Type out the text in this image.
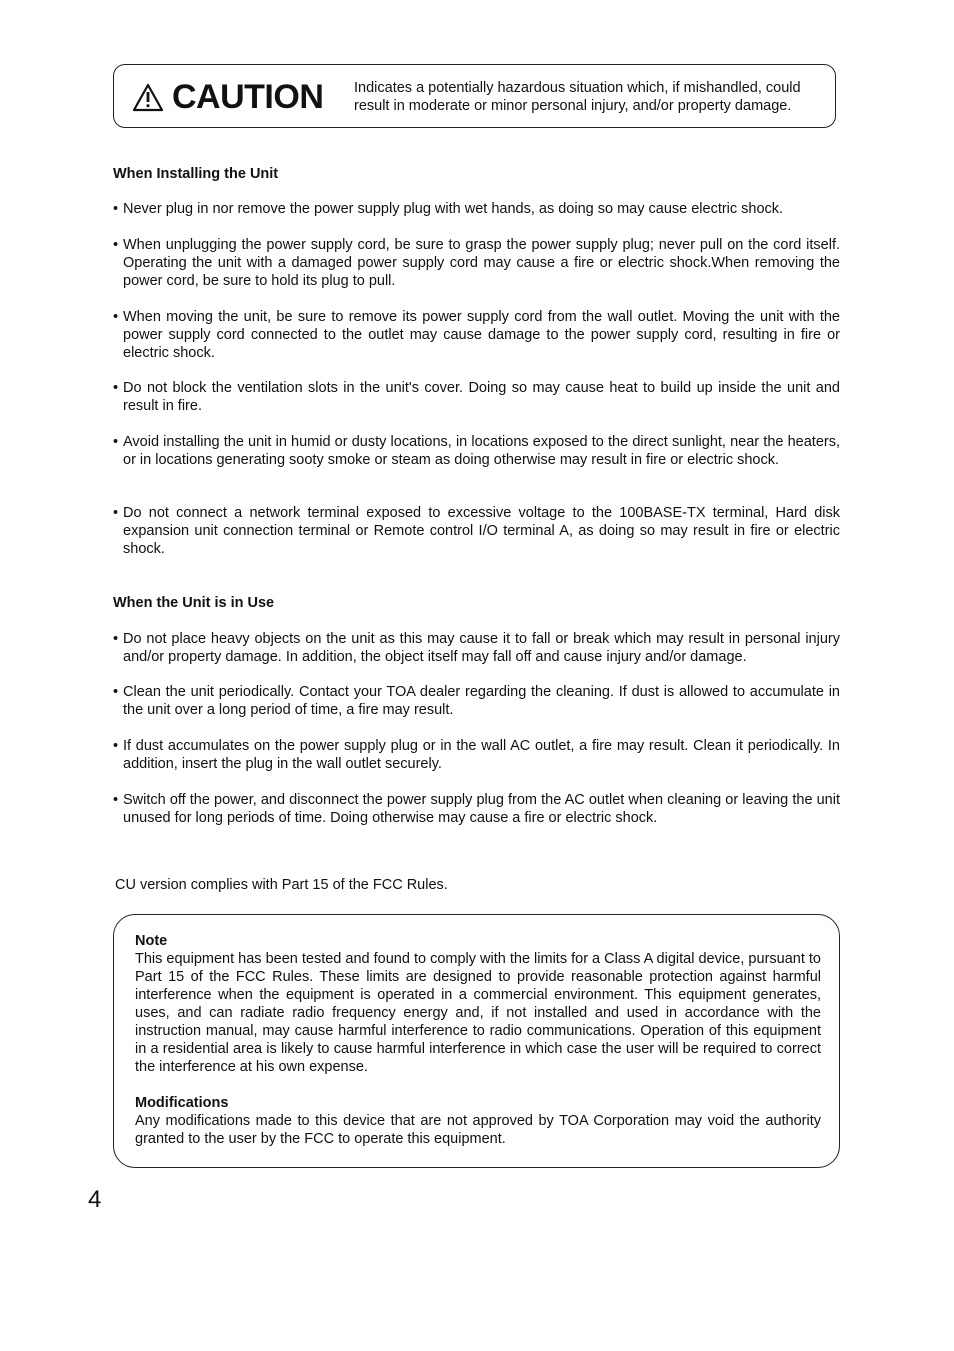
CAUTION Indicates a potentially hazardous situation which, if mishandled, could result in moderate or minor personal injury, and/or property damage.
When Installing the Unit
• Never plug in nor remove the power supply plug with wet hands, as doing so may cause electric shock.
• When unplugging the power supply cord, be sure to grasp the power supply plug; never pull on the cord itself. Operating the unit with a damaged power supply cord may cause a fire or electric shock.When removing the power cord, be sure to hold its plug to pull.
• When moving the unit, be sure to remove its power supply cord from the wall outlet. Moving the unit with the power supply cord connected to the outlet may cause damage to the power supply cord, resulting in fire or electric shock.
• Do not block the ventilation slots in the unit's cover. Doing so may cause heat to build up inside the unit and result in fire.
• Avoid installing the unit in humid or dusty locations, in locations exposed to the direct sunlight, near the heaters, or in locations generating sooty smoke or steam as doing otherwise may result in fire or electric shock.
• Do not connect a network terminal exposed to excessive voltage to the 100BASE-TX terminal, Hard disk expansion unit connection terminal or Remote control I/O terminal A, as doing so may result in fire or electric shock.
When the Unit is in Use
• Do not place heavy objects on the unit as this may cause it to fall or break which may result in personal injury and/or property damage. In addition, the object itself may fall off and cause injury and/or damage.
• Clean the unit periodically. Contact your TOA dealer regarding the cleaning. If dust is allowed to accumulate in the unit over a long period of time, a fire may result.
• If dust accumulates on the power supply plug or in the wall AC outlet, a fire may result. Clean it periodically. In addition, insert the plug in the wall outlet securely.
• Switch off the power, and disconnect the power supply plug from the AC outlet when cleaning or leaving the unit unused for long periods of time. Doing otherwise may cause a fire or electric shock.
CU version complies with Part 15 of the FCC Rules.
Note
This equipment has been tested and found to comply with the limits for a Class A digital device, pursuant to Part 15 of the FCC Rules. These limits are designed to provide reasonable protection against harmful interference when the equipment is operated in a commercial environment. This equipment generates, uses, and can radiate radio frequency energy and, if not installed and used in accordance with the instruction manual, may cause harmful interference to radio communications. Operation of this equipment in a residential area is likely to cause harmful interference in which case the user will be required to correct the interference at his own expense.
Modifications
Any modifications made to this device that are not approved by TOA Corporation may void the authority granted to the user by the FCC to operate this equipment.
4
